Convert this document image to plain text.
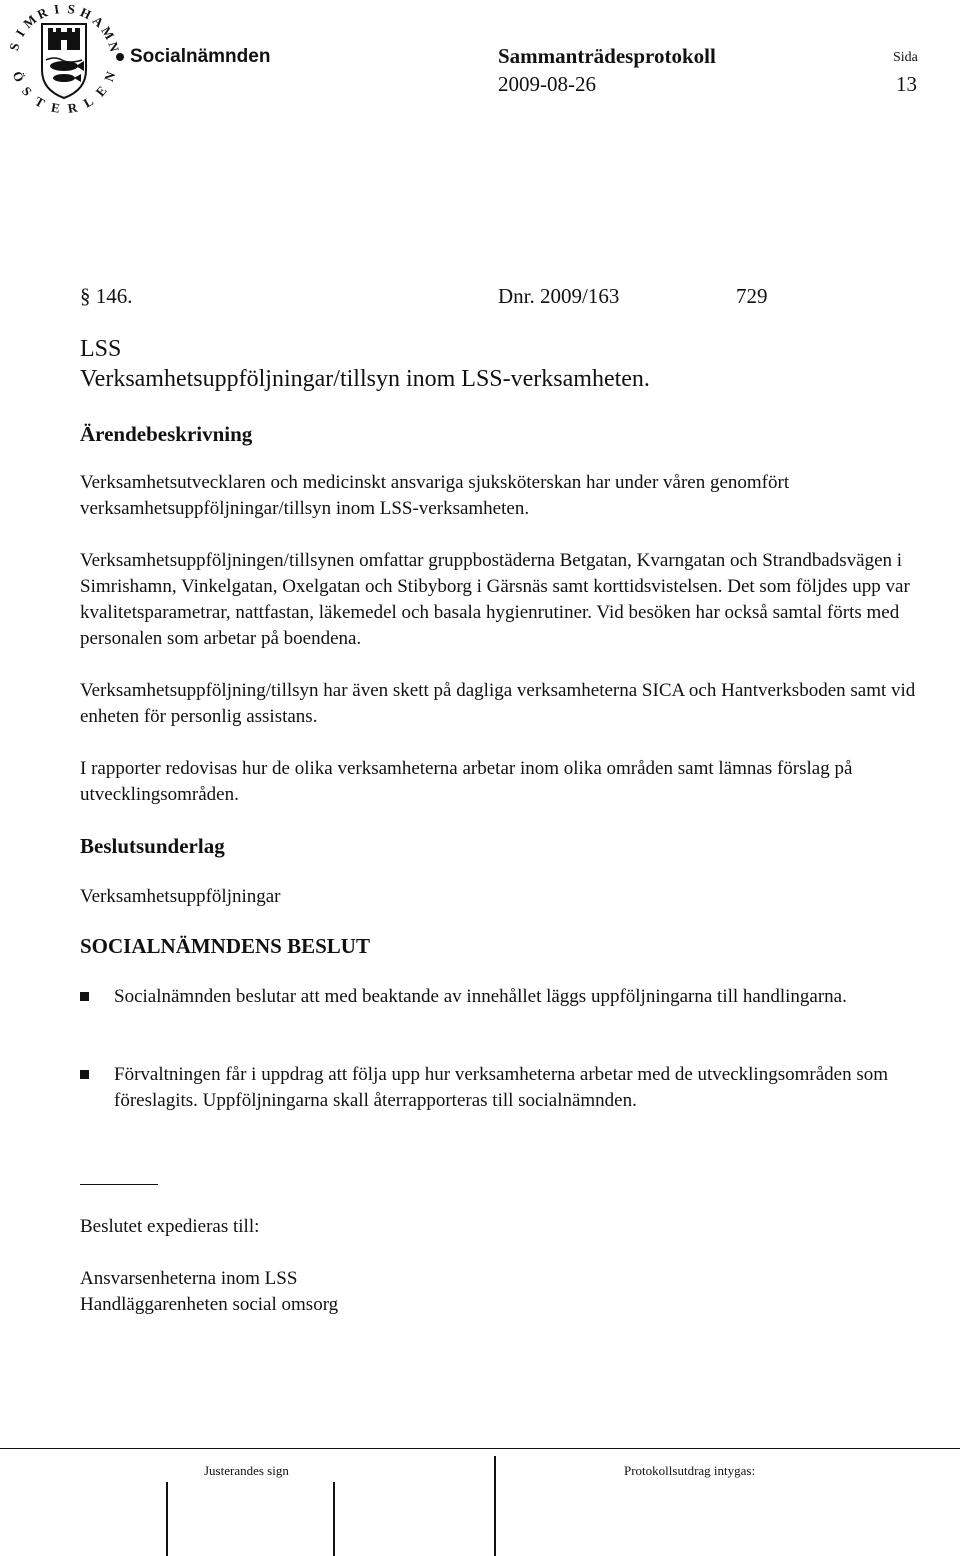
S
I
M
R I S H
A
M
N
Ö
S
T E R L
E
N
Socialnämnden	Sammanträdesprotokoll
2009-08-26
Sida
13
§ 146.	Dnr. 2009/163	729
LSS
Verksamhetsuppföljningar/tillsyn inom LSS-verksamheten.
Ärendebeskrivning
Verksamhetsutvecklaren och medicinskt ansvariga sjuksköterskan har under våren genomfört verksamhetsuppföljningar/tillsyn inom LSS-verksamheten.
Verksamhetsuppföljningen/tillsynen omfattar gruppbostäderna Betgatan, Kvarngatan och Strandbadsvägen i Simrishamn, Vinkelgatan, Oxelgatan och Stibyborg i Gärsnäs samt korttidsvistelsen. Det som följdes upp var kvalitetsparametrar, nattfastan, läkemedel och basala hygienrutiner. Vid besöken har också samtal förts med personalen som arbetar på boendena.
Verksamhetsuppföljning/tillsyn har även skett på dagliga verksamheterna SICA och Hantverksboden samt vid enheten för personlig assistans.
I rapporter redovisas hur de olika verksamheterna arbetar inom olika områden samt lämnas förslag på utvecklingsområden.
Beslutsunderlag
Verksamhetsuppföljningar
SOCIALNÄMNDENS BESLUT
Socialnämnden beslutar att med beaktande av innehållet läggs uppföljningarna till handlingarna.
Förvaltningen får i uppdrag att följa upp hur verksamheterna arbetar med de utvecklingsområden som föreslagits. Uppföljningarna skall återrapporteras till socialnämnden.
Beslutet expedieras till:
Ansvarsenheterna inom LSS
Handläggarenheten social omsorg
Justerandes sign	Protokollsutdrag intygas:
